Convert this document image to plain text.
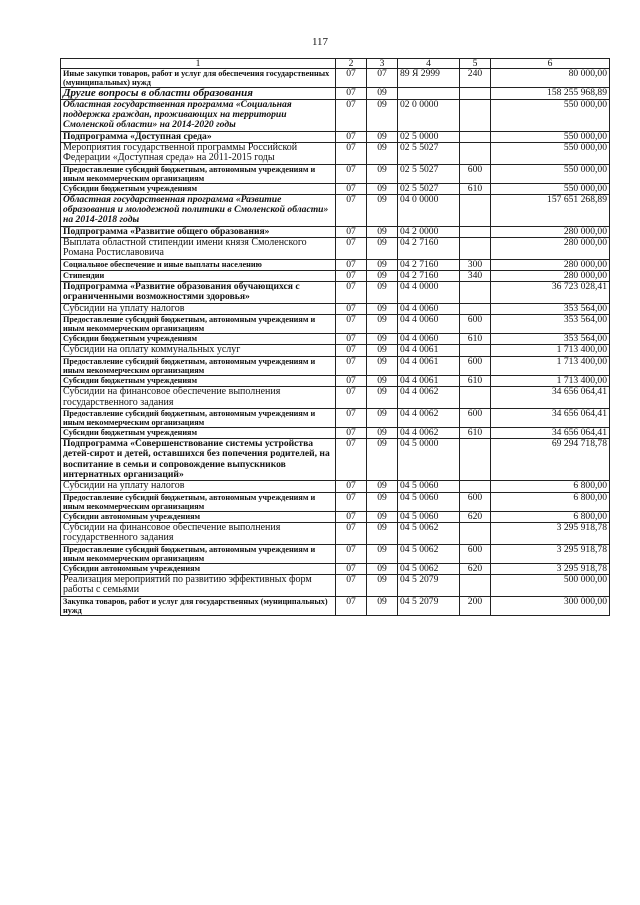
117
1	2	3	4	5	6
Иные закупки товаров, работ и услуг для обеспечения государственных (муниципальных) нужд	07	07	89 Я 2999	240	80 000,00
Другие вопросы в области образования	07	09			158 255 968,89
Областная государственная программа «Социальная поддержка граждан, проживающих на территории Смоленской области» на 2014-2020 годы	07	09	02 0 0000		550 000,00
Подпрограмма «Доступная среда»	07	09	02 5 0000		550 000,00
Мероприятия государственной программы Российской Федерации «Доступная среда» на 2011-2015 годы	07	09	02 5 5027		550 000,00
Предоставление субсидий бюджетным, автономным учреждениям и иным некоммерческим организациям	07	09	02 5 5027	600	550 000,00
Субсидии бюджетным учреждениям	07	09	02 5 5027	610	550 000,00
Областная государственная программа «Развитие образования и молодежной политики в Смоленской области» на 2014-2018 годы	07	09	04 0 0000		157 651 268,89
Подпрограмма «Развитие общего образования»	07	09	04 2 0000		280 000,00
Выплата областной стипендии имени князя Смоленского Романа Ростиславовича	07	09	04 2 7160		280 000,00
Социальное обеспечение и иные выплаты населению	07	09	04 2 7160	300	280 000,00
Стипендии	07	09	04 2 7160	340	280 000,00
Подпрограмма «Развитие образования обучающихся с ограниченными возможностями здоровья»	07	09	04 4 0000		36 723 028,41
Субсидии на уплату налогов	07	09	04 4 0060		353 564,00
Предоставление субсидий бюджетным, автономным учреждениям и иным некоммерческим организациям	07	09	04 4 0060	600	353 564,00
Субсидии бюджетным учреждениям	07	09	04 4 0060	610	353 564,00
Субсидии на оплату коммунальных услуг	07	09	04 4 0061		1 713 400,00
Предоставление субсидий бюджетным, автономным учреждениям и иным некоммерческим организациям	07	09	04 4 0061	600	1 713 400,00
Субсидии бюджетным учреждениям	07	09	04 4 0061	610	1 713 400,00
Субсидии на финансовое обеспечение выполнения государственного задания	07	09	04 4 0062		34 656 064,41
Предоставление субсидий бюджетным, автономным учреждениям и иным некоммерческим организациям	07	09	04 4 0062	600	34 656 064,41
Субсидии бюджетным учреждениям	07	09	04 4 0062	610	34 656 064,41
Подпрограмма «Совершенствование системы устройства детей-сирот и детей, оставшихся без попечения родителей, на воспитание в семьи и сопровождение выпускников интернатных организаций»	07	09	04 5 0000		69 294 718,78
Субсидии на уплату налогов	07	09	04 5 0060		6 800,00
Предоставление субсидий бюджетным, автономным учреждениям и иным некоммерческим организациям	07	09	04 5 0060	600	6 800,00
Субсидии автономным учреждениям	07	09	04 5 0060	620	6 800,00
Субсидии на финансовое обеспечение выполнения государственного задания	07	09	04 5 0062		3 295 918,78
Предоставление субсидий бюджетным, автономным учреждениям и иным некоммерческим организациям	07	09	04 5 0062	600	3 295 918,78
Субсидии автономным учреждениям	07	09	04 5 0062	620	3 295 918,78
Реализация мероприятий по развитию эффективных форм работы с семьями	07	09	04 5 2079		500 000,00
Закупка товаров, работ и услуг для государственных (муниципальных) нужд	07	09	04 5 2079	200	300 000,00
